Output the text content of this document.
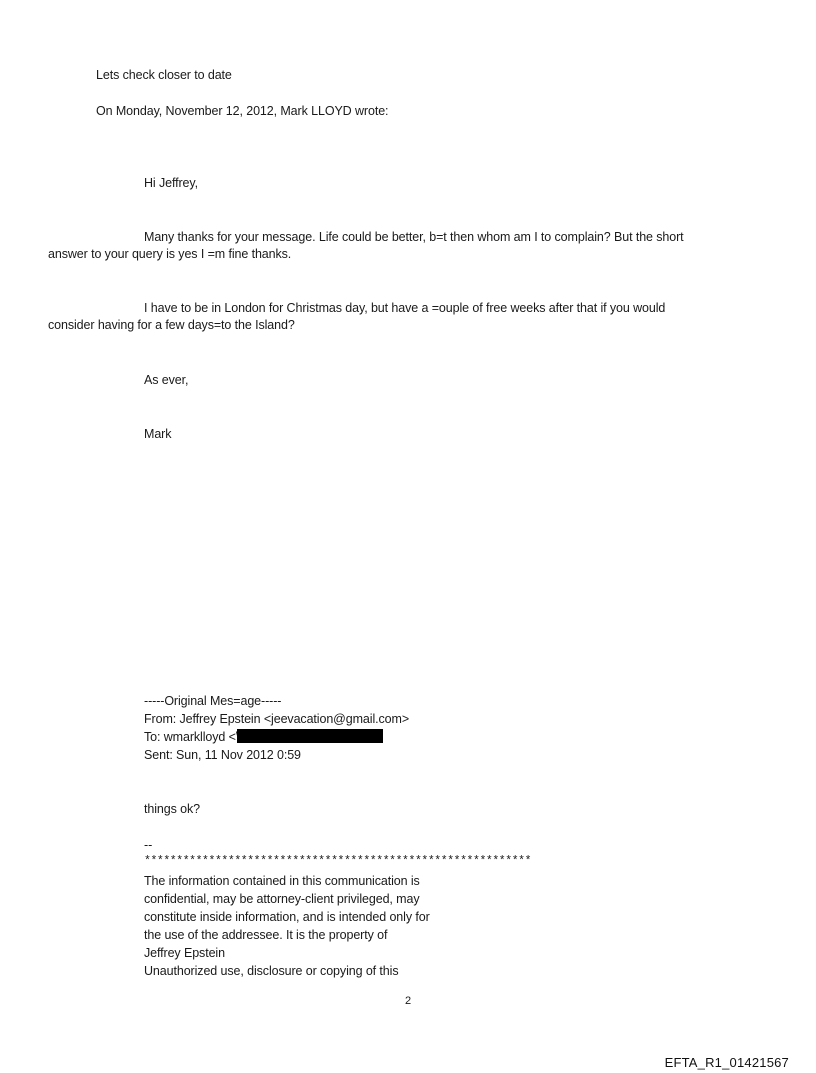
Lets check closer to date
On Monday, November 12, 2012, Mark LLOYD wrote:
Hi Jeffrey,
Many thanks for your message. Life could be better, b=t then whom am I to complain? But the short
answer to your query is yes I =m fine thanks.
I have to be in London for Christmas day, but have a =ouple of free weeks after that if you would
consider having for a few days=to the Island?
As ever,
Mark
-----Original Mes=age-----
From: Jeffrey Epstein <jeevacation@gmail.com>
To: wmarklloyd <
Sent: Sun, 11 Nov 2012 0:59
things ok?
--
************************************************************
The information contained in this communication is
confidential, may be attorney-client privileged, may
constitute inside information, and is intended only for
the use of the addressee. It is the property of
Jeffrey Epstein
Unauthorized use, disclosure or copying of this
2
EFTA_R1_01421567
